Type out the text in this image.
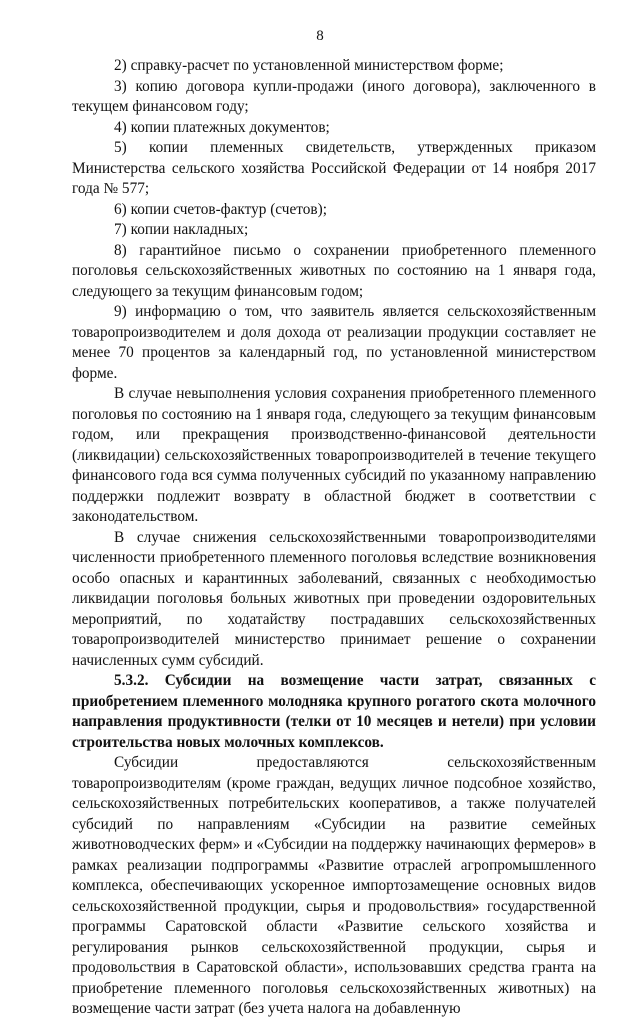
8

2) справку-расчет по установленной министерством форме;

3) копию договора купли-продажи (иного договора), заключенного в текущем финансовом году;

4) копии платежных документов;

5) копии племенных свидетельств, утвержденных приказом Министерства сельского хозяйства Российской Федерации от 14 ноября 2017 года № 577;

6) копии счетов-фактур (счетов);

7) копии накладных;

8) гарантийное письмо о сохранении приобретенного племенного поголовья сельскохозяйственных животных по состоянию на 1 января года, следующего за текущим финансовым годом;

9) информацию о том, что заявитель является сельскохозяйственным товаропроизводителем и доля дохода от реализации продукции составляет не менее 70 процентов за календарный год, по установленной министерством форме.

В случае невыполнения условия сохранения приобретенного племенного поголовья по состоянию на 1 января года, следующего за текущим финансовым годом, или прекращения производственно-финансовой деятельности (ликвидации) сельскохозяйственных товаропроизводителей в течение текущего финансового года вся сумма полученных субсидий по указанному направлению поддержки подлежит возврату в областной бюджет в соответствии с законодательством.

В случае снижения сельскохозяйственными товаропроизводителями численности приобретенного племенного поголовья вследствие возникновения особо опасных и карантинных заболеваний, связанных с необходимостью ликвидации поголовья больных животных при проведении оздоровительных мероприятий, по ходатайству пострадавших сельскохозяйственных товаропроизводителей министерство принимает решение о сохранении начисленных сумм субсидий.

5.3.2. Субсидии на возмещение части затрат, связанных с приобретением племенного молодняка крупного рогатого скота молочного направления продуктивности (телки от 10 месяцев и нетели) при условии строительства новых молочных комплексов.

Субсидии предоставляются сельскохозяйственным товаропроизводителям (кроме граждан, ведущих личное подсобное хозяйство, сельскохозяйственных потребительских кооперативов, а также получателей субсидий по направлениям «Субсидии на развитие семейных животноводческих ферм» и «Субсидии на поддержку начинающих фермеров» в рамках реализации подпрограммы «Развитие отраслей агропромышленного комплекса, обеспечивающих ускоренное импортозамещение основных видов сельскохозяйственной продукции, сырья и продовольствия» государственной программы Саратовской области «Развитие сельского хозяйства и регулирования рынков сельскохозяйственной продукции, сырья и продовольствия в Саратовской области», использовавших средства гранта на приобретение племенного поголовья сельскохозяйственных животных) на возмещение части затрат (без учета налога на добавленную
